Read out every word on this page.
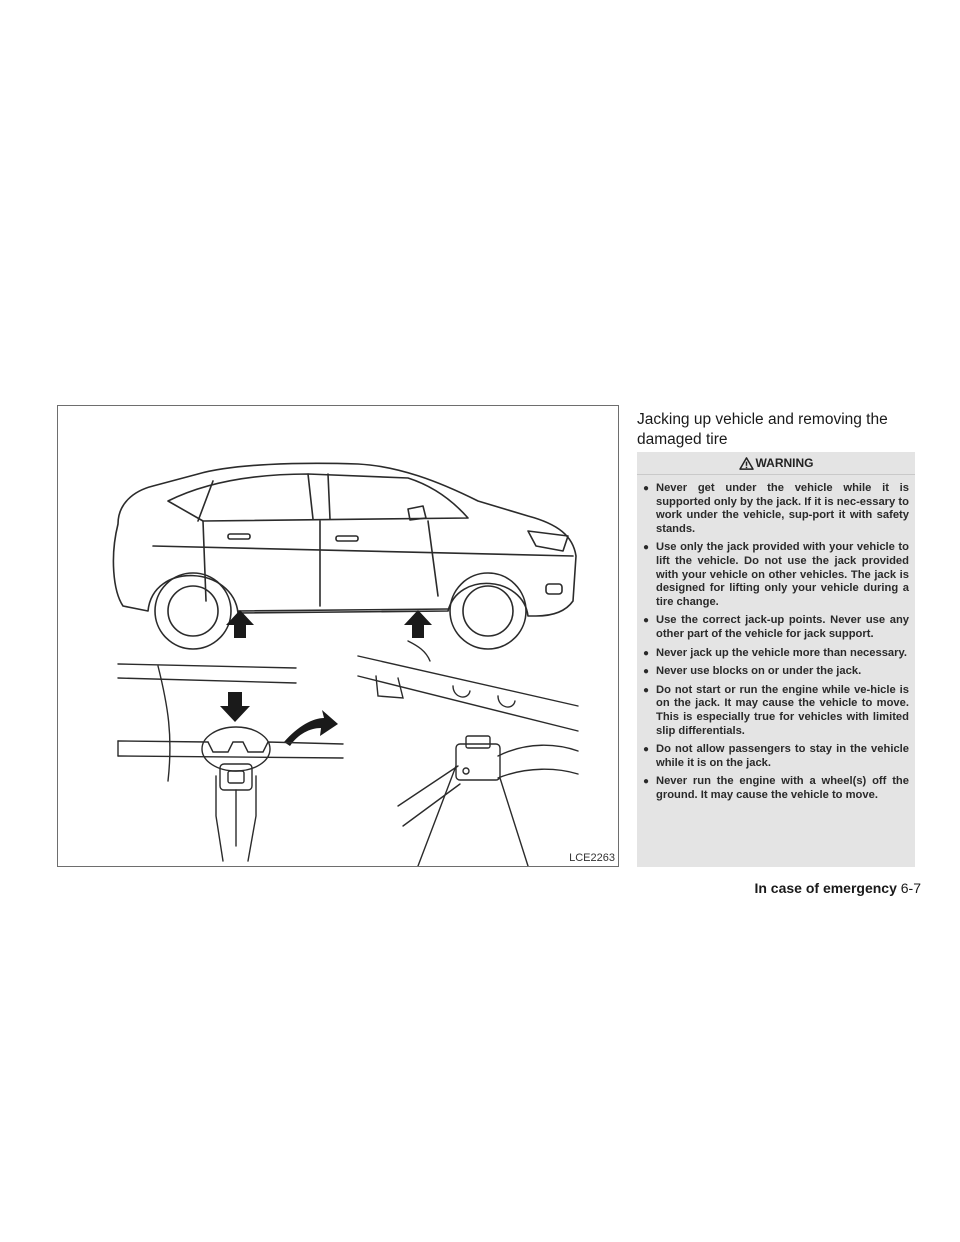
LCE2263
Jacking up vehicle and removing the damaged tire
WARNING
● Never get under the vehicle while it is supported only by the jack. If it is nec-essary to work under the vehicle, sup-port it with safety stands.
● Use only the jack provided with your vehicle to lift the vehicle. Do not use the jack provided with your vehicle on other vehicles. The jack is designed for lifting only your vehicle during a tire change.
● Use the correct jack-up points. Never use any other part of the vehicle for jack support.
● Never jack up the vehicle more than necessary.
● Never use blocks on or under the jack.
● Do not start or run the engine while ve-hicle is on the jack. It may cause the vehicle to move. This is especially true for vehicles with limited slip differentials.
● Do not allow passengers to stay in the vehicle while it is on the jack.
● Never run the engine with a wheel(s) off the ground. It may cause the vehicle to move.
In case of emergency 6-7
